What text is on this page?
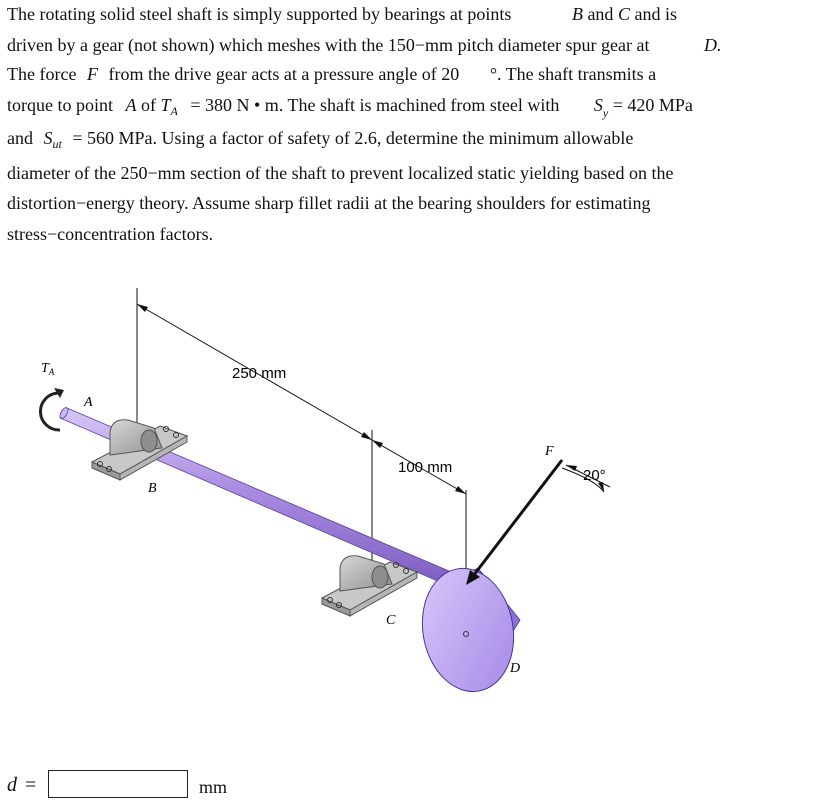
The rotating solid steel shaft is simply supported by bearings at points	B and C and is
driven by a gear (not shown) which meshes with the 150−mm pitch diameter spur gear at	D.
The force F from the drive gear acts at a pressure angle of 20 °. The shaft transmits a
torque to point A of $T_A = 380$ N • m. The shaft is machined from steel with $S_y = 420$ MPa
and $S_{ut} = 560$ MPa. Using a factor of safety of 2.6, determine the minimum allowable
diameter of the 250−mm section of the shaft to prevent localized static yielding based on the
distortion−energy theory. Assume sharp fillet radii at the bearing shoulders for estimating
stress−concentration factors.
250 mm
100 mm	20°
$T_A$
A
B
C
D
F
d =	mm
